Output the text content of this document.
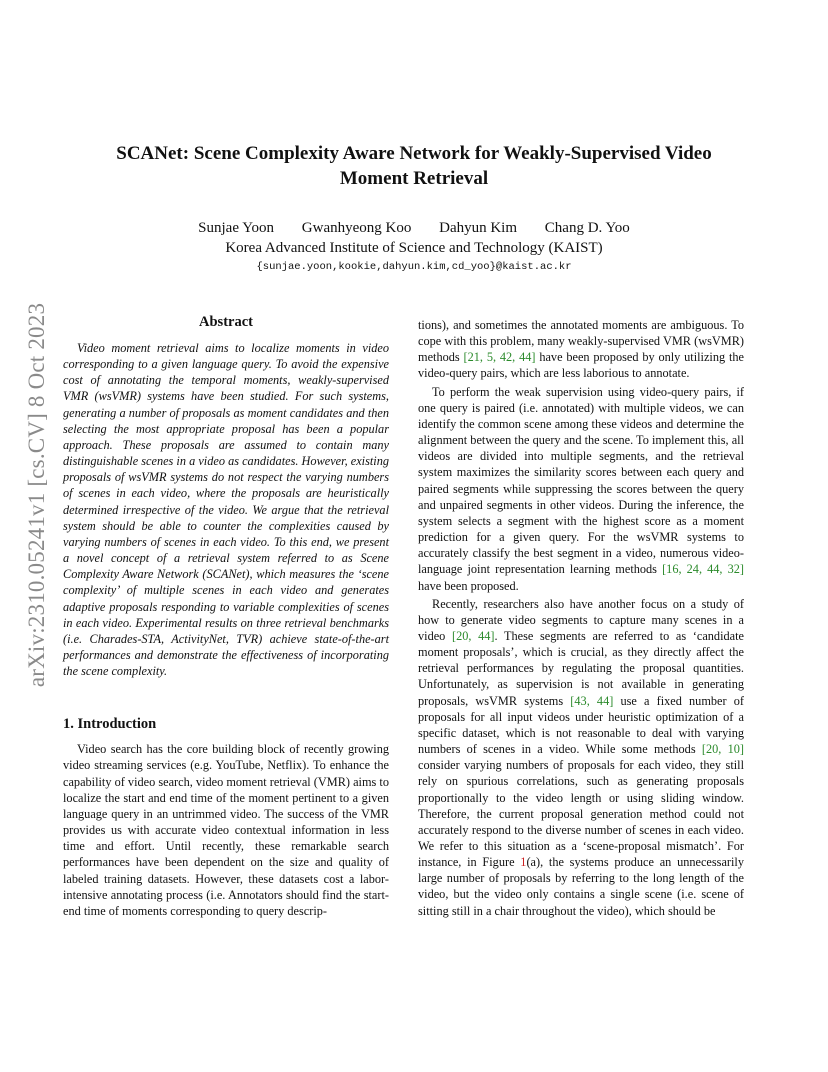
arXiv:2310.05241v1 [cs.CV] 8 Oct 2023
SCANet: Scene Complexity Aware Network for Weakly-Supervised Video Moment Retrieval
Sunjae Yoon Gwanhyeong Koo Dahyun Kim Chang D. Yoo
Korea Advanced Institute of Science and Technology (KAIST)
{sunjae.yoon,kookie,dahyun.kim,cd_yoo}@kaist.ac.kr
Abstract

Video moment retrieval aims to localize moments in video corresponding to a given language query. To avoid the expensive cost of annotating the temporal moments, weakly-supervised VMR (wsVMR) systems have been studied. For such systems, generating a number of proposals as moment candidates and then selecting the most appropriate proposal has been a popular approach. These proposals are assumed to contain many distinguishable scenes in a video as candidates. However, existing proposals of wsVMR systems do not respect the varying numbers of scenes in each video, where the proposals are heuristically determined irrespective of the video. We argue that the retrieval system should be able to counter the complexities caused by varying numbers of scenes in each video. To this end, we present a novel concept of a retrieval system referred to as Scene Complexity Aware Network (SCANet), which measures the ‘scene complexity’ of multiple scenes in each video and generates adaptive proposals responding to variable complexities of scenes in each video. Experimental results on three retrieval benchmarks (i.e. Charades-STA, ActivityNet, TVR) achieve state-of-the-art performances and demonstrate the effectiveness of incorporating the scene complexity.

1. Introduction

Video search has the core building block of recently growing video streaming services (e.g. YouTube, Netflix). To enhance the capability of video search, video moment retrieval (VMR) aims to localize the start and end time of the moment pertinent to a given language query in an untrimmed video. The success of the VMR provides us with accurate video contextual information in less time and effort. Until recently, these remarkable search performances have been dependent on the size and quality of labeled training datasets. However, these datasets cost a labor-intensive annotating process (i.e. Annotators should find the start-end time of moments corresponding to query descrip-

tions), and sometimes the annotated moments are ambiguous. To cope with this problem, many weakly-supervised VMR (wsVMR) methods [21, 5, 42, 44] have been proposed by only utilizing the video-query pairs, which are less laborious to annotate.

To perform the weak supervision using video-query pairs, if one query is paired (i.e. annotated) with multiple videos, we can identify the common scene among these videos and determine the alignment between the query and the scene. To implement this, all videos are divided into multiple segments, and the retrieval system maximizes the similarity scores between each query and paired segments while suppressing the scores between the query and unpaired segments in other videos. During the inference, the system selects a segment with the highest score as a moment prediction for a given query. For the wsVMR systems to accurately classify the best segment in a video, numerous video-language joint representation learning methods [16, 24, 44, 32] have been proposed.

Recently, researchers also have another focus on a study of how to generate video segments to capture many scenes in a video [20, 44]. These segments are referred to as ‘candidate moment proposals’, which is crucial, as they directly affect the retrieval performances by regulating the proposal quantities. Unfortunately, as supervision is not available in generating proposals, wsVMR systems [43, 44] use a fixed number of proposals for all input videos under heuristic optimization of a specific dataset, which is not reasonable to deal with varying numbers of scenes in a video. While some methods [20, 10] consider varying numbers of proposals for each video, they still rely on spurious correlations, such as generating proposals proportionally to the video length or using sliding window. Therefore, the current proposal generation method could not accurately respond to the diverse number of scenes in each video. We refer to this situation as a ‘scene-proposal mismatch’. For instance, in Figure 1(a), the systems produce an unnecessarily large number of proposals by referring to the long length of the video, but the video only contains a single scene (i.e. scene of sitting still in a chair throughout the video), which should be
